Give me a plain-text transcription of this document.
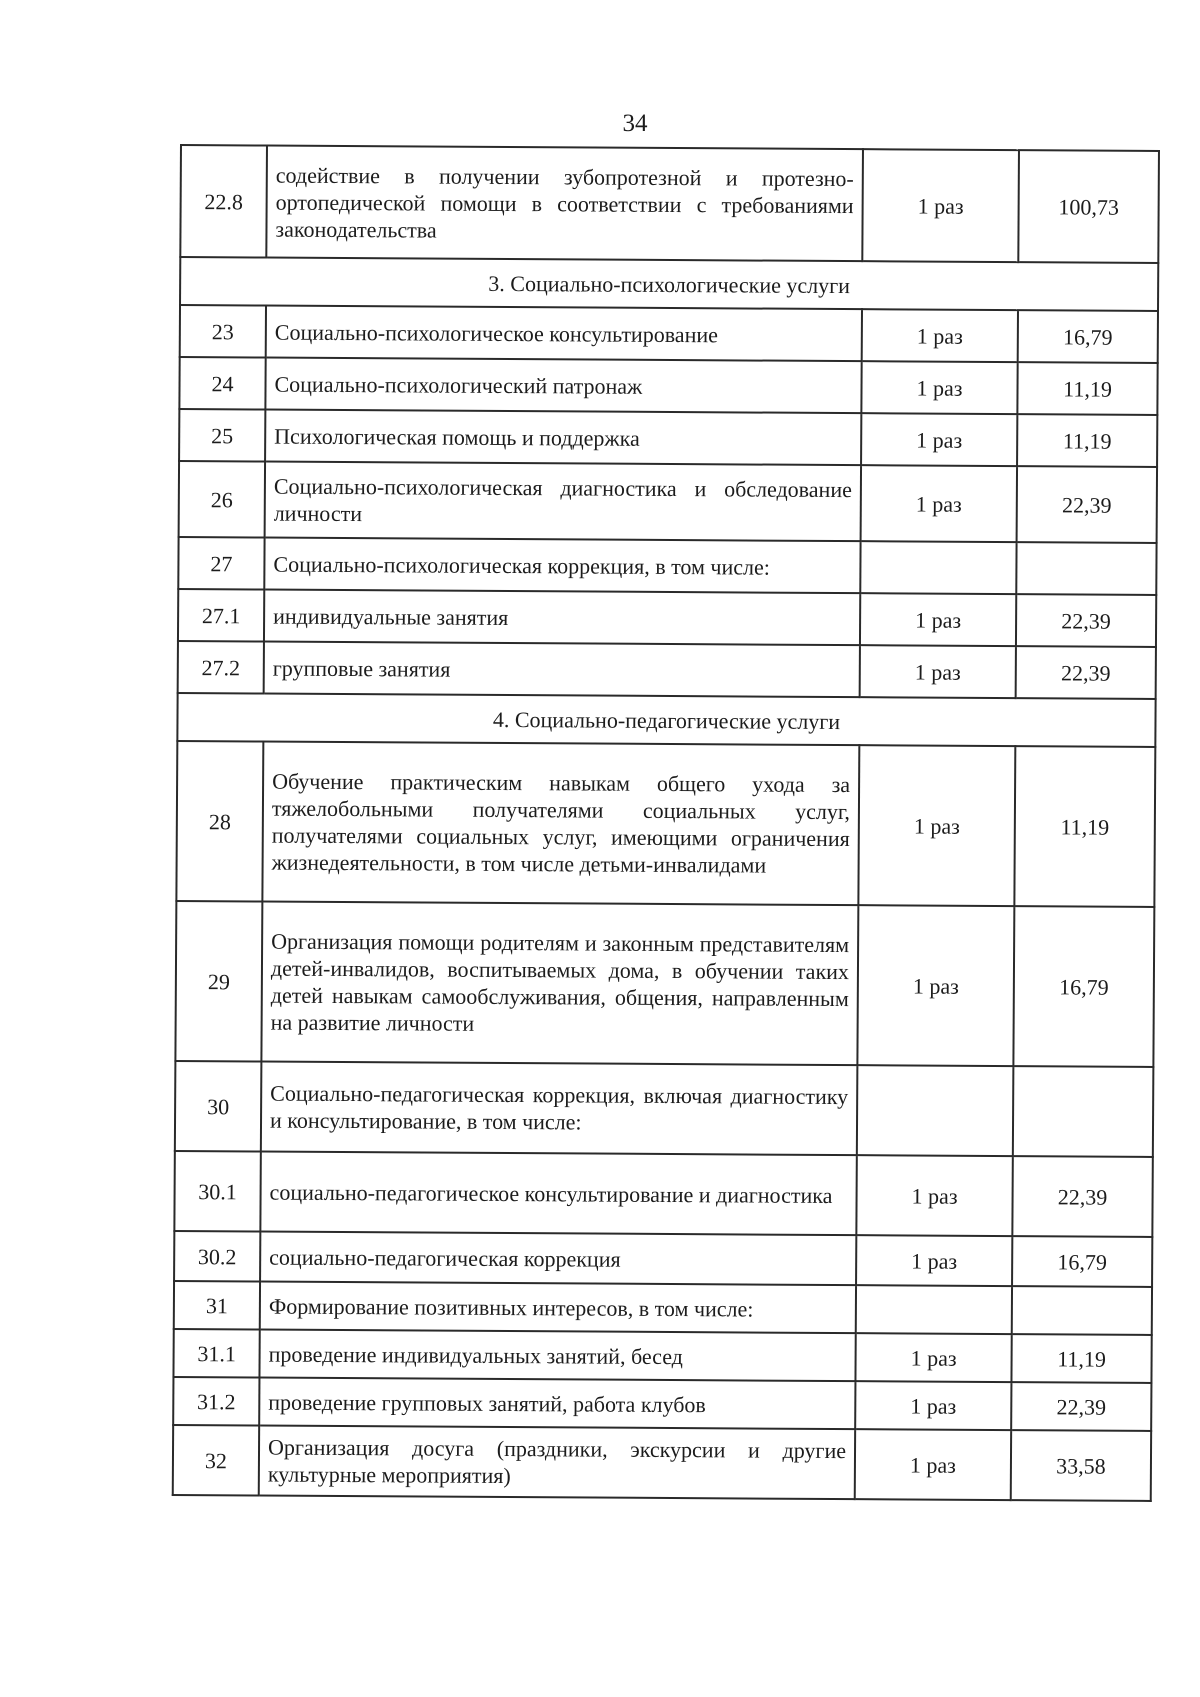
34
22.8	содействие в получении зубопротезной и протезно-ортопедической помощи в соответствии с требованиями законодательства	1 раз	100,73
3. Социально-психологические услуги			
23	Социально-психологическое консультирование	1 раз	16,79
24	Социально-психологический патронаж	1 раз	11,19
25	Психологическая помощь и поддержка	1 раз	11,19
26	Социально-психологическая диагностика и обследование личности	1 раз	22,39
27	Социально-психологическая коррекция, в том числе:		
27.1	индивидуальные занятия	1 раз	22,39
27.2	групповые занятия	1 раз	22,39
4. Социально-педагогические услуги			
28	Обучение практическим навыкам общего ухода за тяжелобольными получателями социальных услуг, получателями социальных услуг, имеющими ограничения жизнедеятельности, в том числе детьми-инвалидами	1 раз	11,19
29	Организация помощи родителям и законным представителям детей-инвалидов, воспитываемых дома, в обучении таких детей навыкам самообслуживания, общения, направленным на развитие личности	1 раз	16,79
30	Социально-педагогическая коррекция, включая диагностику и консультирование, в том числе:		
30.1	социально-педагогическое консультирование и диагностика	1 раз	22,39
30.2	социально-педагогическая коррекция	1 раз	16,79
31	Формирование позитивных интересов, в том числе:		
31.1	проведение индивидуальных занятий, бесед	1 раз	11,19
31.2	проведение групповых занятий, работа клубов	1 раз	22,39
32	Организация досуга (праздники, экскурсии и другие культурные мероприятия)	1 раз	33,58
